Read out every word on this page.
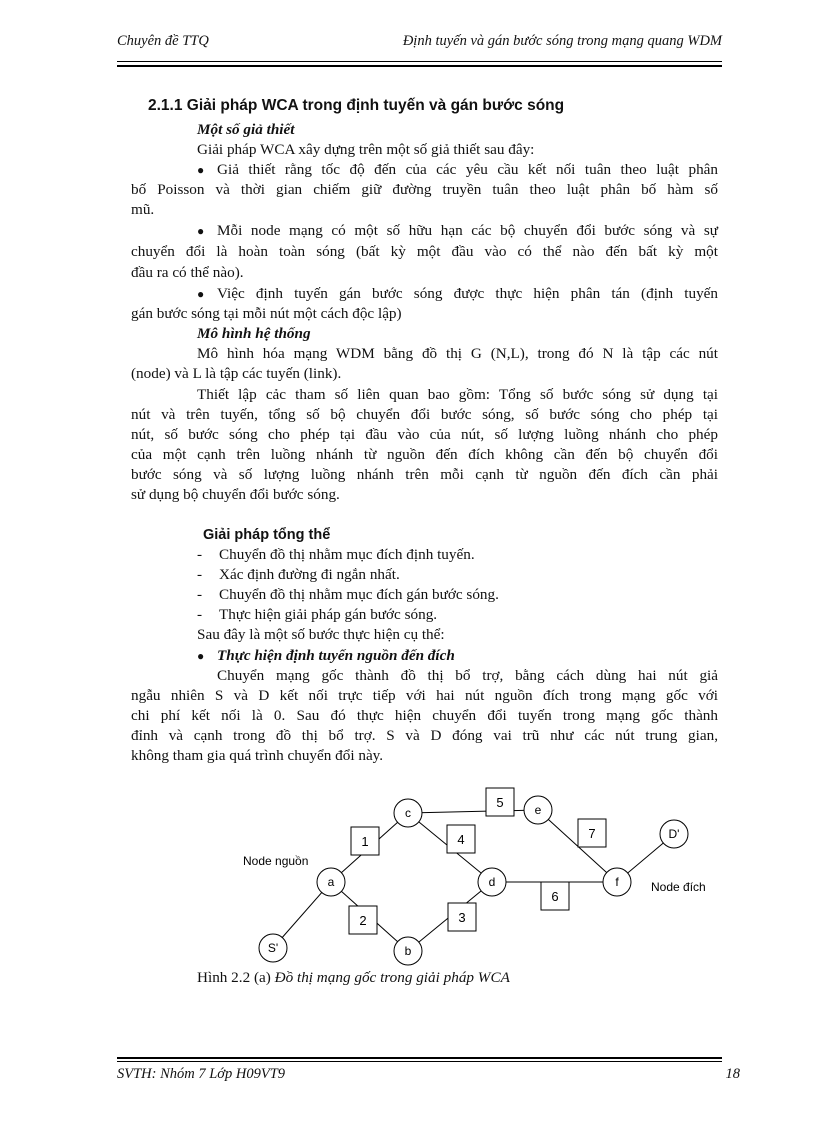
Chuyên đề TTQ	Định tuyến và gán bước sóng trong mạng quang WDM
2.1.1 Giải pháp WCA trong định tuyến và gán bước sóng
Một số giả thiết
Giải pháp WCA xây dựng trên một số giả thiết sau đây:
● Giả thiết rằng tốc độ đến của các yêu cầu kết nối tuân theo luật phân
bố Poisson và thời gian chiếm giữ đường truyền tuân theo luật phân bố hàm số
mũ.
● Mỗi node mạng có một số hữu hạn các bộ chuyển đổi bước sóng và sự
chuyển đổi là hoàn toàn sóng (bất kỳ một đầu vào có thể nào đến bất kỳ một
đầu ra có thể nào).
● Việc định tuyến gán bước sóng được thực hiện phân tán (định tuyến
gán bước sóng tại mỗi nút một cách độc lập)
Mô hình hệ thống
Mô hình hóa mạng WDM bằng đồ thị G (N,L), trong đó N là tập các nút
(node) và L là tập các tuyến (link).
Thiết lập cảc tham số liên quan bao gồm: Tổng số bước sóng sử dụng tại
nút và trên tuyến, tổng số bộ chuyển đổi bước sóng, số bước sóng cho phép tại
nút, số bước sóng cho phép tại đầu vào của nút, số lượng luồng nhánh cho phép
của một cạnh trên luồng nhánh từ nguồn đến đích không cần đến bộ chuyển đổi
bước sóng và số lượng luồng nhánh trên mỗi cạnh từ nguồn đến đích cần phải
sử dụng bộ chuyển đổi bước sóng.
Giải pháp tổng thể
- Chuyển đồ thị nhằm mục đích định tuyến.
- Xác định đường đi ngắn nhất.
- Chuyển đồ thị nhằm mục đích gán bước sóng.
- Thực hiện giải pháp gán bước sóng.
Sau đây là một số bước thực hiện cụ thể:
● Thực hiện định tuyến nguồn đến đích
Chuyển mạng gốc thành đồ thị bổ trợ, bằng cách dùng hai nút giả
ngẫu nhiên S và D kết nối trực tiếp với hai nút nguồn đích trong mạng gốc với
chi phí kết nối là 0. Sau đó thực hiện chuyển đổi tuyến trong mạng gốc thành
đỉnh và cạnh trong đồ thị bổ trợ. S và D đóng vai trũ như các nút trung gian,
không tham gia quá trình chuyển đổi này.
1
2	3
4
5
6
7
a
b
c
d
e
f
S'
D'
Node nguồn
Node đích
Hình 2.2 (a) Đồ thị mạng gốc trong giải pháp WCA
SVTH: Nhóm 7 Lớp H09VT9	18
